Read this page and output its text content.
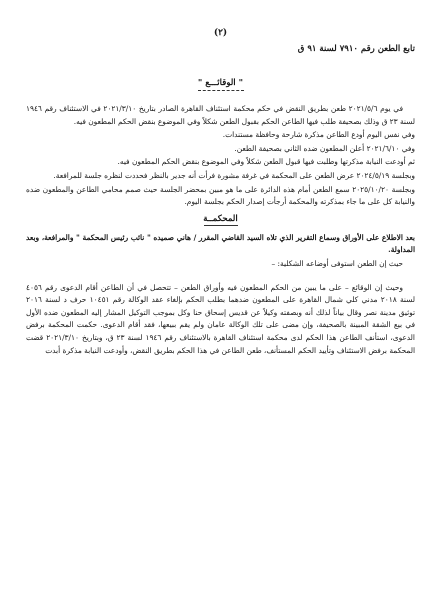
(٢)
تابع الطعن رقم ٧٩١٠ لسنة ٩١ ق
" الوقائـــع "

في يوم ٢٠٢١/٥/٦ طعن بطريق النقض في حكم محكمة استئناف القاهرة الصادر بتاريخ ٢٠٢١/٣/١٠ في الاستئناف رقم ١٩٤٦ لسنة ٢٣ ق وذلك بصحيفة طلب فيها الطاعن الحكم بقبول الطعن شكلاً وفي الموضوع بنقض الحكم المطعون فيه.

وفي نفس اليوم أودع الطاعن مذكرة شارحة وحافظة مستندات.

وفي ٢٠٢١/٦/١٠ أعلن المطعون ضده الثاني بصحيفة الطعن.

ثم أودعت النيابة مذكرتها وطلبت فيها قبول الطعن شكلاً وفي الموضوع بنقض الحكم المطعون فيه.

وبجلسة ٢٠٢٤/٥/١٩ عرض الطعن على المحكمة في غرفة مشورة فرأت أنه جدير بالنظر فحددت لنظره جلسة للمرافعة.

وبجلسة ٢٠٢٥/١٠/٢٠ سمع الطعن أمام هذه الدائرة على ما هو مبين بمحضر الجلسة حيث صمم محامي الطاعن والمطعون ضده والنيابة كل على ما جاء بمذكرته والمحكمة أرجأت إصدار الحكم بجلسة اليوم.

المحكمــة

بعد الاطلاع على الأوراق وسماع التقرير الذي تلاه السيد القاضي المقرر / هاني صميده " نائب رئيس المحكمة " والمرافعة، وبعد المداولة.

حيث إن الطعن استوفى أوضاعه الشكلية: –

وحيث إن الوقائع – على ما يبين من الحكم المطعون فيه وأوراق الطعن – تتحصل في أن الطاعن أقام الدعوى رقم ٤٠٥٦ لسنة ٢٠١٨ مدني كلي شمال القاهرة على المطعون ضدهما بطلب الحكم بإلغاء عقد الوكالة رقم ١٠٤٥١ حرف د لسنة ٢٠١٦ توثيق مدينة نصر وقال بياناً لذلك أنه وبصفته وكيلاً عن قديس إسحاق حنا وكل بموجب التوكيل المشار إليه المطعون ضده الأول في بيع الشقة المبينة بالصحيفة، وإن مضى على تلك الوكالة عامان ولم يقم ببيعها، فقد أقام الدعوى. حكمت المحكمة برفض الدعوى، استأنف الطاعن هذا الحكم لدى محكمة استئناف القاهرة بالاستئناف رقم ١٩٤٦ لسنة ٢٣ ق، وبتاريخ ٢٠٢١/٣/١٠ قضت المحكمة برفض الاستئناف وتأييد الحكم المستأنف، طعن الطاعن في هذا الحكم بطريق النقض، وأودعت النيابة مذكرة أبدت
